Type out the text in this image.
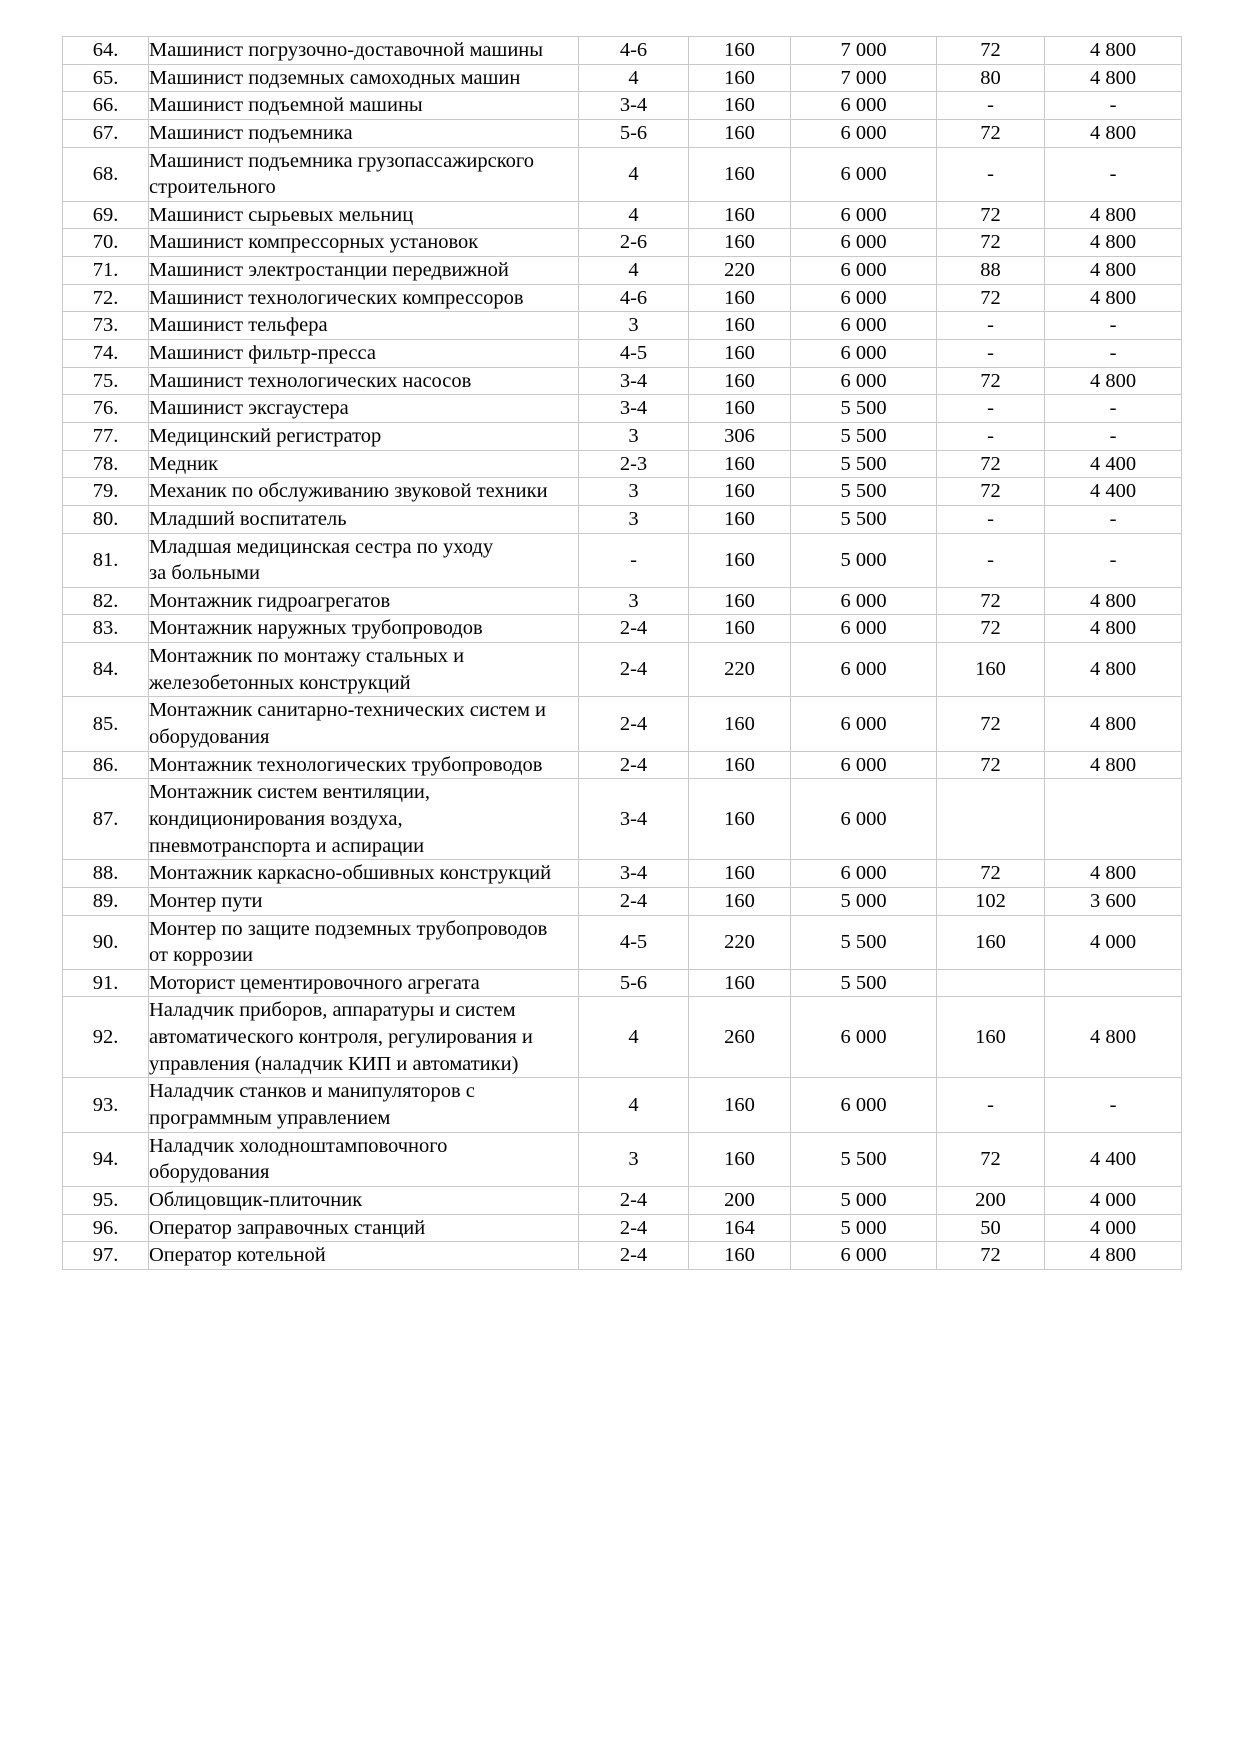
64.	Машинист погрузочно-доставочной машины	4-6	160	7 000	72	4 800
65.	Машинист подземных самоходных машин	4	160	7 000	80	4 800
66.	Машинист подъемной машины	3-4	160	6 000	-	-
67.	Машинист подъемника	5-6	160	6 000	72	4 800
68.	Машинист подъемника грузопассажирского
строительного	4	160	6 000	-	-
69.	Машинист сырьевых мельниц	4	160	6 000	72	4 800
70.	Машинист компрессорных установок	2-6	160	6 000	72	4 800
71.	Машинист электростанции передвижной	4	220	6 000	88	4 800
72.	Машинист технологических компрессоров	4-6	160	6 000	72	4 800
73.	Машинист тельфера	3	160	6 000	-	-
74.	Машинист фильтр-пресса	4-5	160	6 000	-	-
75.	Машинист технологических насосов	3-4	160	6 000	72	4 800
76.	Машинист эксгаустера	3-4	160	5 500	-	-
77.	Медицинский регистратор	3	306	5 500	-	-
78.	Медник	2-3	160	5 500	72	4 400
79.	Механик по обслуживанию звуковой техники	3	160	5 500	72	4 400
80.	Младший воспитатель	3	160	5 500	-	-
81.	Младшая медицинская сестра по уходу
за больными	-	160	5 000	-	-
82.	Монтажник гидроагрегатов	3	160	6 000	72	4 800
83.	Монтажник наружных трубопроводов	2-4	160	6 000	72	4 800
84.	Монтажник по монтажу стальных и
железобетонных конструкций	2-4	220	6 000	160	4 800
85.	Монтажник санитарно-технических систем и
оборудования	2-4	160	6 000	72	4 800
86.	Монтажник технологических трубопроводов	2-4	160	6 000	72	4 800
87.	Монтажник систем вентиляции,
кондиционирования воздуха,
пневмотранспорта и аспирации	3-4	160	6 000		
88.	Монтажник каркасно-обшивных конструкций	3-4	160	6 000	72	4 800
89.	Монтер пути	2-4	160	5 000	102	3 600
90.	Монтер по защите подземных трубопроводов
от коррозии	4-5	220	5 500	160	4 000
91.	Моторист цементировочного агрегата	5-6	160	5 500		
92.	Наладчик приборов, аппаратуры и систем
автоматического контроля, регулирования и
управления (наладчик КИП и автоматики)	4	260	6 000	160	4 800
93.	Наладчик станков и манипуляторов с
программным управлением	4	160	6 000	-	-
94.	Наладчик холодноштамповочного
оборудования	3	160	5 500	72	4 400
95.	Облицовщик-плиточник	2-4	200	5 000	200	4 000
96.	Оператор заправочных станций	2-4	164	5 000	50	4 000
97.	Оператор котельной	2-4	160	6 000	72	4 800
